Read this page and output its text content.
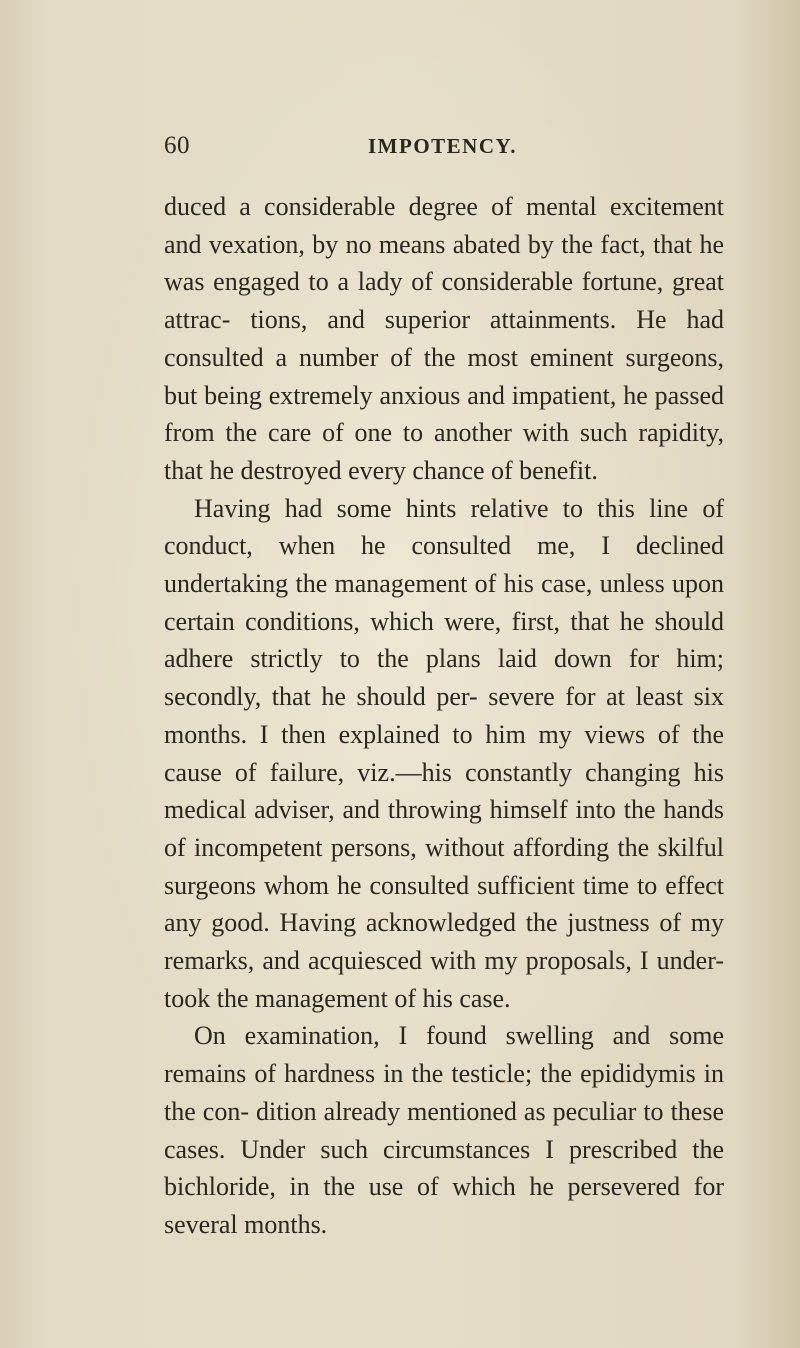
60	IMPOTENCY.

duced a considerable degree of mental excitement and vexation, by no means abated by the fact, that he was engaged to a lady of considerable fortune, great attrac- tions, and superior attainments. He had consulted a number of the most eminent surgeons, but being extremely anxious and impatient, he passed from the care of one to another with such rapidity, that he destroyed every chance of benefit.

Having had some hints relative to this line of conduct, when he consulted me, I declined undertaking the management of his case, unless upon certain conditions, which were, first, that he should adhere strictly to the plans laid down for him; secondly, that he should per- severe for at least six months. I then explained to him my views of the cause of failure, viz.—his constantly changing his medical adviser, and throwing himself into the hands of incompetent persons, without affording the skilful surgeons whom he consulted sufficient time to effect any good. Having acknowledged the justness of my remarks, and acquiesced with my proposals, I under- took the management of his case.

On examination, I found swelling and some remains of hardness in the testicle; the epididymis in the con- dition already mentioned as peculiar to these cases. Under such circumstances I prescribed the bichloride, in the use of which he persevered for several months.
